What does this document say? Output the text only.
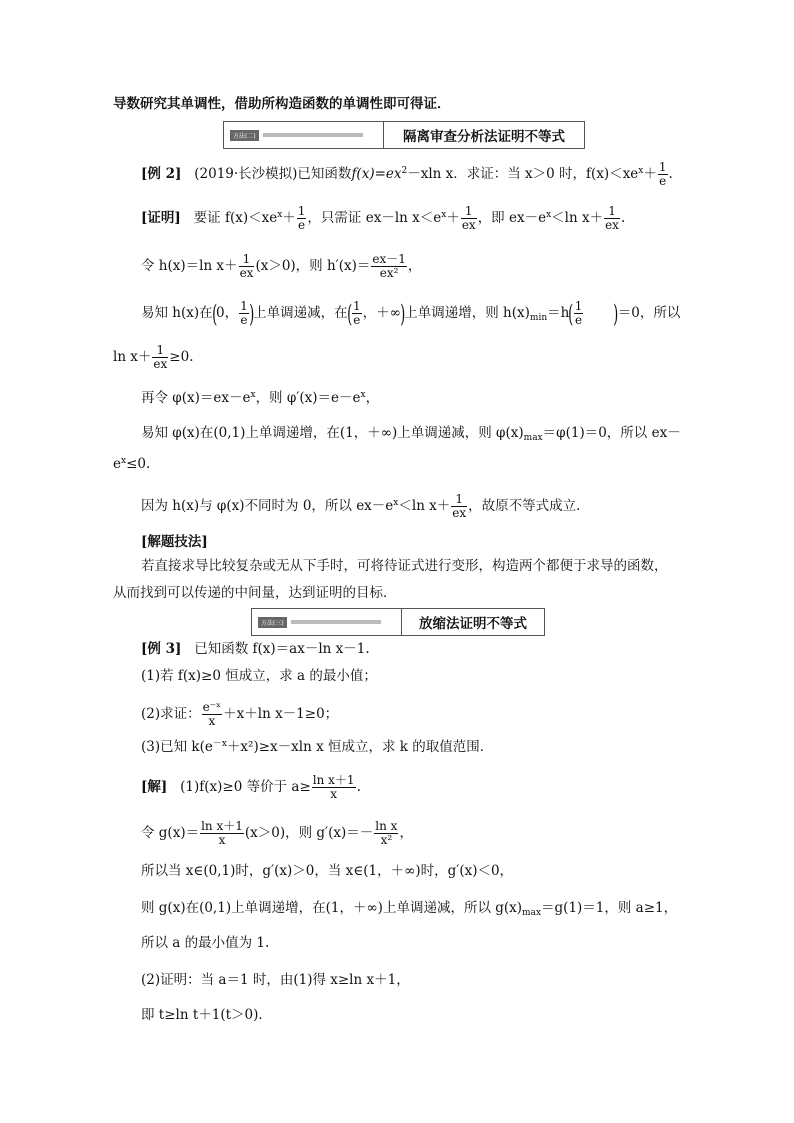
导数研究其单调性，借助所构造函数的单调性即可得证．
方法(二)	隔离审查分析法证明不等式
[例 2] (2019·长沙模拟)已知函数$f(x)=ex^2-xln$ x．求证：当 x＞0 时，$f(x)<xe^x+ \frac{1}{e}$ .
[证明] 要证 $f(x)<xe^x+ \frac{1}{e}$ ，只需证 ex－ln $x<e^x+ \frac{1}{ex}$ ，即 $ex-e^x<\ln$ $x+ \frac{1}{ex}$ .
令 h(x)＝ln $x+ \frac{1}{ex} (x>0)$，则 $h'(x)= \frac{ex-1}{\text{ex²}}$ ，
易知 h(x)在(0， $\frac{1}{e}$ )上单调递减，在( $\frac{1}{e}$ ，＋∞)上单调递增，则 $h(x)_{min}=h( \frac{1}{e} )=0$，所以
$\ln x+ \frac{1}{ex} \ge 0$.
再令 $\varphi(x)=ex-e^x$，则 $\varphi'(x)=e-e^x$，
易知 φ(x)在(0,1)上单调递增，在(1，＋∞)上单调递减，则 $\varphi(x)_{max}=\varphi(1)=0$，所以 ex－
$e^x\le 0$.
因为 h(x)与 φ(x)不同时为 0，所以 $ex-e^x<\ln$ $x+ \frac{1}{ex}$ ，故原不等式成立．
[解题技法]
若直接求导比较复杂或无从下手时，可将待证式进行变形，构造两个都便于求导的函数，
从而找到可以传递的中间量，达到证明的目标．
方法(三)	放缩法证明不等式
[例 3] 已知函数 f(x)＝ax－ln x－1.
(1)若 f(x)≥0 恒成立，求 a 的最小值；
(2)求证： $\frac{\text{e⁻ˣ}}{x} +x+\ln$ x－1≥0；
(3)已知 $k(e^{-x}+x^2)\ge x-xln$ x 恒成立，求 k 的取值范围．
[解] (1)f(x)≥0 等价于 $a\ge \frac{\text{ln x＋1}}{x}$ .
令 $g(x)= \frac{\text{ln x＋1}}{x} (x>0)$，则 $g'(x)=- \frac{\text{ln x}}{\text{x²}}$ ，
所以当 x∈(0,1)时，g′(x)＞0，当 x∈(1，＋∞)时，g′(x)＜0，
则 g(x)在(0,1)上单调递增，在(1，＋∞)上单调递减，所以 $g(x)_{max}=g(1)=1$，则 a≥1，
所以 a 的最小值为 1.
(2)证明：当 a＝1 时，由(1)得 x≥ln x＋1，
即 t≥ln t＋1(t＞0)．
